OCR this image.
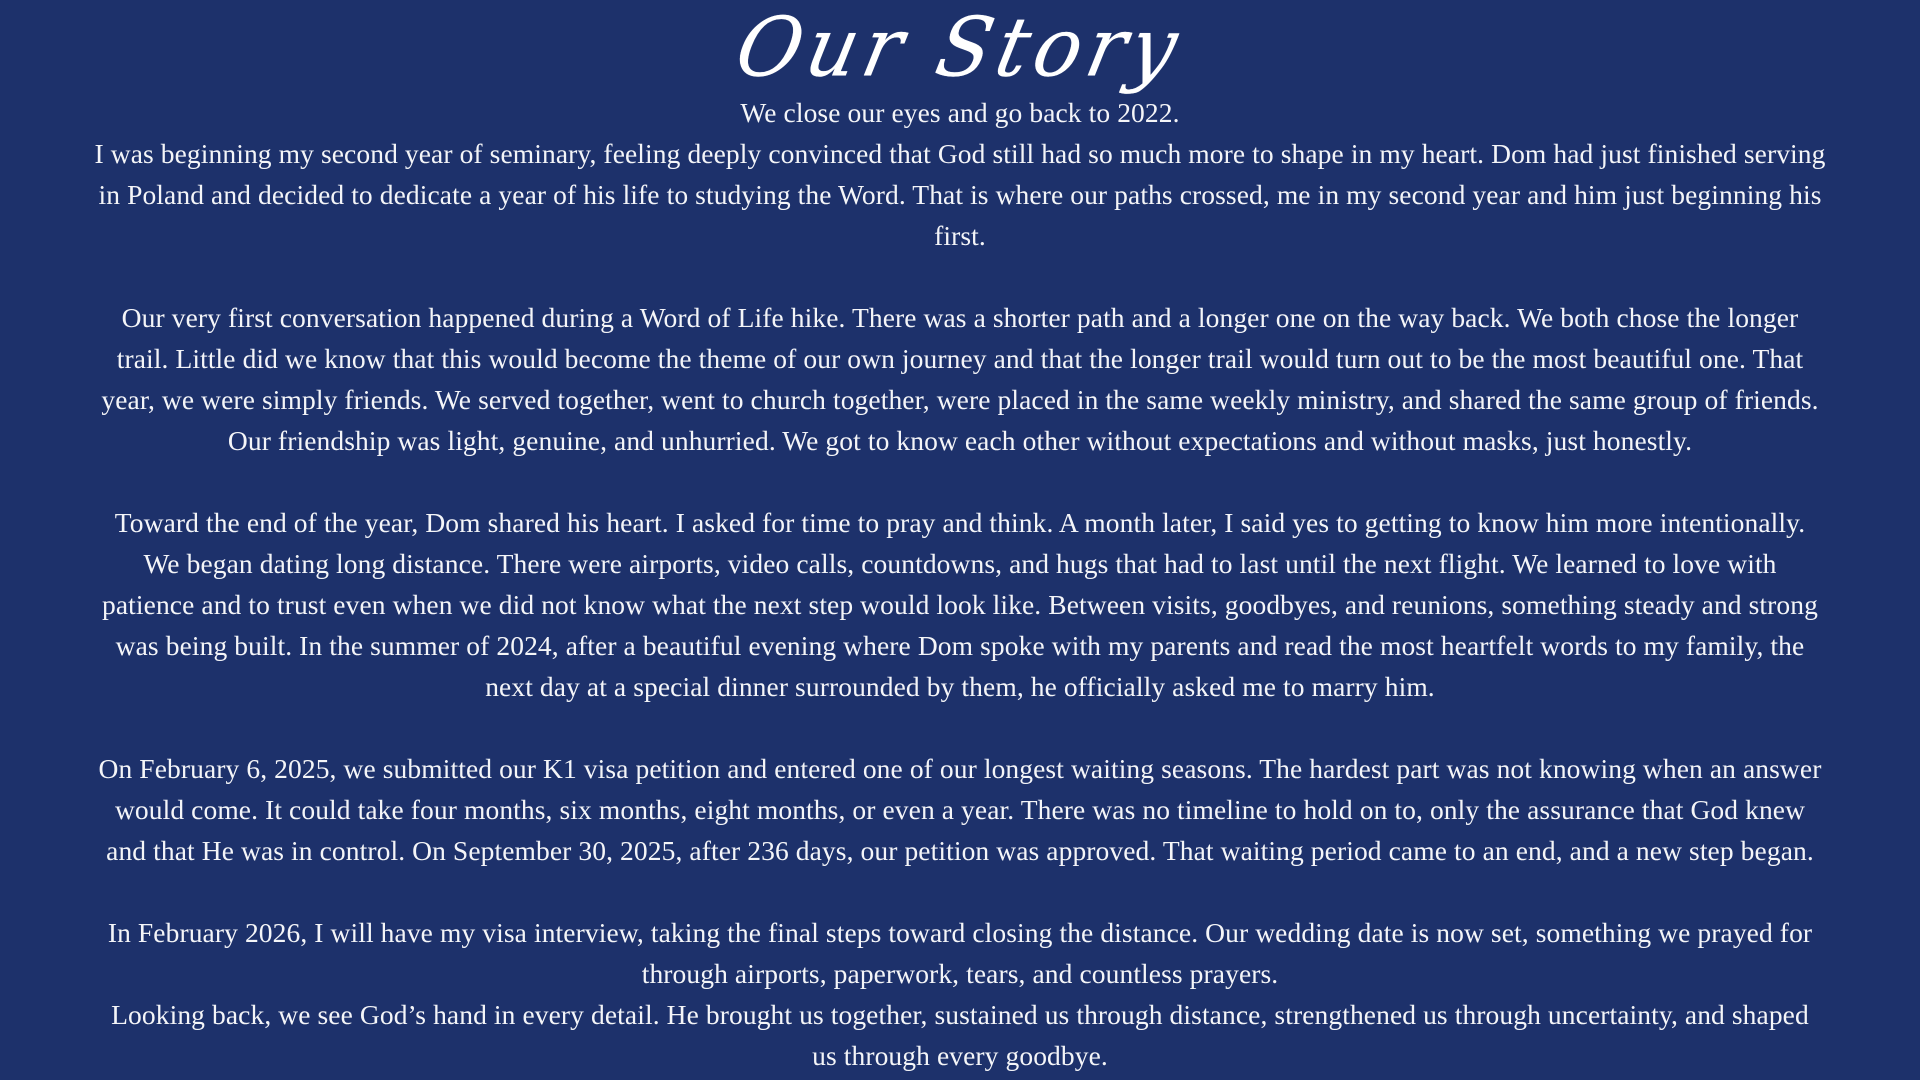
Our Story
We close our eyes and go back to 2022.
I was beginning my second year of seminary, feeling deeply convinced that God still had so much more to shape in my heart. Dom had just finished serving
in Poland and decided to dedicate a year of his life to studying the Word. That is where our paths crossed, me in my second year and him just beginning his
first.
Our very first conversation happened during a Word of Life hike. There was a shorter path and a longer one on the way back. We both chose the longer
trail. Little did we know that this would become the theme of our own journey and that the longer trail would turn out to be the most beautiful one. That
year, we were simply friends. We served together, went to church together, were placed in the same weekly ministry, and shared the same group of friends.
Our friendship was light, genuine, and unhurried. We got to know each other without expectations and without masks, just honestly.
Toward the end of the year, Dom shared his heart. I asked for time to pray and think. A month later, I said yes to getting to know him more intentionally.
We began dating long distance. There were airports, video calls, countdowns, and hugs that had to last until the next flight. We learned to love with
patience and to trust even when we did not know what the next step would look like. Between visits, goodbyes, and reunions, something steady and strong
was being built. In the summer of 2024, after a beautiful evening where Dom spoke with my parents and read the most heartfelt words to my family, the
next day at a special dinner surrounded by them, he officially asked me to marry him.
On February 6, 2025, we submitted our K1 visa petition and entered one of our longest waiting seasons. The hardest part was not knowing when an answer
would come. It could take four months, six months, eight months, or even a year. There was no timeline to hold on to, only the assurance that God knew
and that He was in control. On September 30, 2025, after 236 days, our petition was approved. That waiting period came to an end, and a new step began.
In February 2026, I will have my visa interview, taking the final steps toward closing the distance. Our wedding date is now set, something we prayed for
through airports, paperwork, tears, and countless prayers.
Looking back, we see God’s hand in every detail. He brought us together, sustained us through distance, strengthened us through uncertainty, and shaped
us through every goodbye.
